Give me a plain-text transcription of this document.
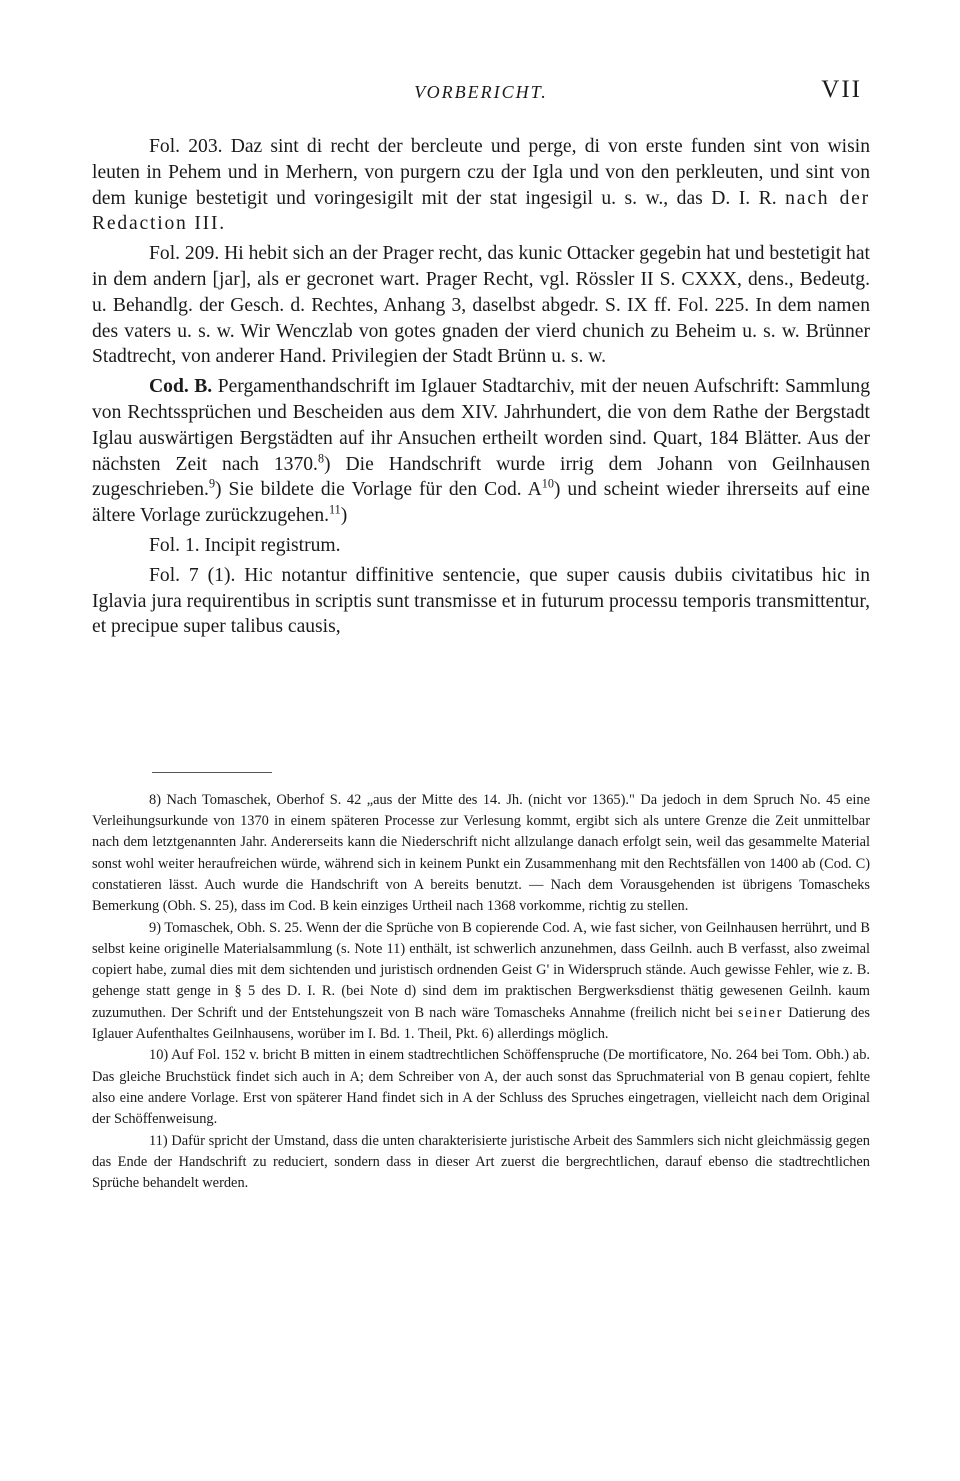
VORBERICHT.	VII

Fol. 203. Daz sint di recht der bercleute und perge, di von erste funden sint von wisin leuten in Pehem und in Merhern, von purgern czu der Igla und von den perkleuten, und sint von dem kunige bestetigit und voringesigilt mit der stat ingesigil u. s. w., das D. I. R. nach der Redaction III.

Fol. 209. Hi hebit sich an der Prager recht, das kunic Ottacker gegebin hat und bestetigit hat in dem andern [jar], als er gecronet wart. Prager Recht, vgl. Rössler II S. CXXX, dens., Bedeutg. u. Behandlg. der Gesch. d. Rechtes, Anhang 3, daselbst abgedr. S. IX ff. Fol. 225. In dem namen des vaters u. s. w. Wir Wenczlab von gotes gnaden der vierd chunich zu Beheim u. s. w. Brünner Stadtrecht, von anderer Hand. Privilegien der Stadt Brünn u. s. w.

Cod. B. Pergamenthandschrift im Iglauer Stadtarchiv, mit der neuen Aufschrift: Sammlung von Rechtssprüchen und Bescheiden aus dem XIV. Jahrhundert, die von dem Rathe der Bergstadt Iglau auswärtigen Bergstädten auf ihr Ansuchen ertheilt worden sind. Quart, 184 Blätter. Aus der nächsten Zeit nach 1370.$^8$) Die Handschrift wurde irrig dem Johann von Geilnhausen zugeschrieben.$^9$) Sie bildete die Vorlage für den Cod. $A^{10}$) und scheint wieder ihrerseits auf eine ältere Vorlage zurückzugehen.$^{11}$)

Fol. 1. Incipit registrum.

Fol. 7 (1). Hic notantur diffinitive sentencie, que super causis dubiis civitatibus hic in Iglavia jura requirentibus in scriptis sunt transmisse et in futurum processu temporis transmittentur, et precipue super talibus causis,

8) Nach Tomaschek, Oberhof S. 42 „aus der Mitte des 14. Jh. (nicht vor 1365)." Da jedoch in dem Spruch No. 45 eine Verleihungsurkunde von 1370 in einem späteren Processe zur Verlesung kommt, ergibt sich als untere Grenze die Zeit unmittelbar nach dem letztgenannten Jahr. Andererseits kann die Niederschrift nicht allzulange danach erfolgt sein, weil das gesammelte Material sonst wohl weiter heraufreichen würde, während sich in keinem Punkt ein Zusammenhang mit den Rechtsfällen von 1400 ab (Cod. C) constatieren lässt. Auch wurde die Handschrift von A bereits benutzt. — Nach dem Vorausgehenden ist übrigens Tomascheks Bemerkung (Obh. S. 25), dass im Cod. B kein einziges Urtheil nach 1368 vorkomme, richtig zu stellen.

9) Tomaschek, Obh. S. 25. Wenn der die Sprüche von B copierende Cod. A, wie fast sicher, von Geilnhausen herrührt, und B selbst keine originelle Materialsammlung (s. Note 11) enthält, ist schwerlich anzunehmen, dass Geilnh. auch B verfasst, also zweimal copiert habe, zumal dies mit dem sichtenden und juristisch ordnenden Geist G' in Widerspruch stände. Auch gewisse Fehler, wie z. B. gehenge statt genge in § 5 des D. I. R. (bei Note d) sind dem im praktischen Bergwerksdienst thätig gewesenen Geilnh. kaum zuzumuthen. Der Schrift und der Entstehungszeit von B nach wäre Tomascheks Annahme (freilich nicht bei seiner Datierung des Iglauer Aufenthaltes Geilnhausens, worüber im I. Bd. 1. Theil, Pkt. 6) allerdings möglich.

10) Auf Fol. 152 v. bricht B mitten in einem stadtrechtlichen Schöffenspruche (De mortificatore, No. 264 bei Tom. Obh.) ab. Das gleiche Bruchstück findet sich auch in A; dem Schreiber von A, der auch sonst das Spruchmaterial von B genau copiert, fehlte also eine andere Vorlage. Erst von späterer Hand findet sich in A der Schluss des Spruches eingetragen, vielleicht nach dem Original der Schöffenweisung.

11) Dafür spricht der Umstand, dass die unten charakterisierte juristische Arbeit des Sammlers sich nicht gleichmässig gegen das Ende der Handschrift zu reduciert, sondern dass in dieser Art zuerst die bergrechtlichen, darauf ebenso die stadtrechtlichen Sprüche behandelt werden.
